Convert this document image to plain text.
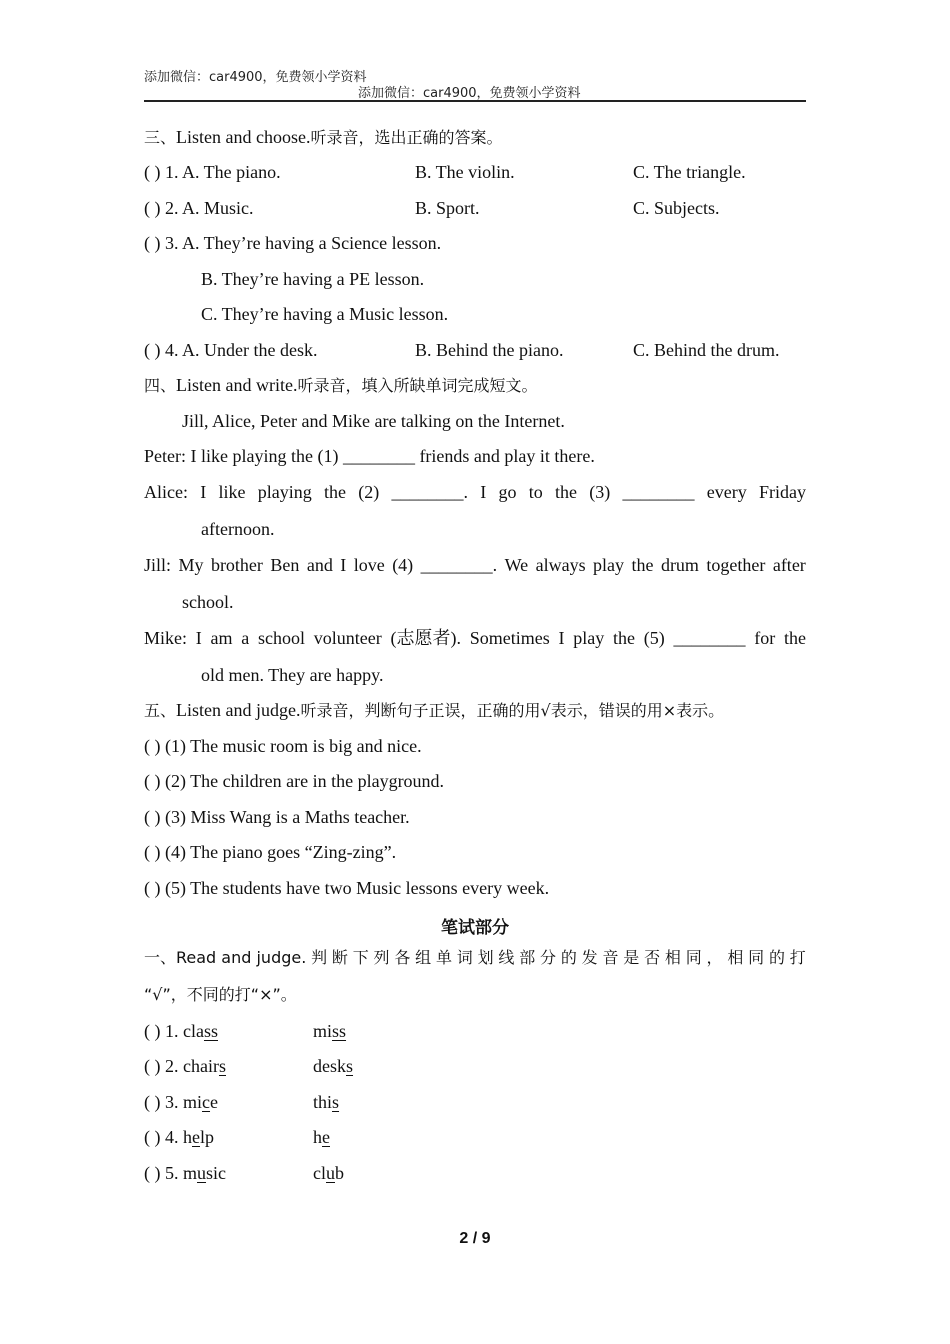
添加微信：car4900，免费领小学资料
添加微信：car4900，免费领小学资料
三、Listen and choose.听录音，选出正确的答案。
( ) 1. A. The piano.	B. The violin.	C. The triangle.
( ) 2. A. Music.	B. Sport.	C. Subjects.
( ) 3. A. They’re having a Science lesson.
B. They’re having a PE lesson.
C. They’re having a Music lesson.
( ) 4. A. Under the desk.	B. Behind the piano.	C. Behind the drum.
四、Listen and write.听录音，填入所缺单词完成短文。
Jill, Alice, Peter and Mike are talking on the Internet.
Peter: I like playing the (1) ________ friends and play it there.
Alice: I like playing the (2) ________. I go to the (3) ________ every Friday
afternoon.
Jill: My brother Ben and I love (4) ________. We always play the drum together after
school.
Mike: I am a school volunteer (志愿者). Sometimes I play the (5) ________ for the
old men. They are happy.
五、Listen and judge.听录音，判断句子正误，正确的用√表示，错误的用×表示。
( ) (1) The music room is big and nice.
( ) (2) The children are in the playground.
( ) (3) Miss Wang is a Maths teacher.
( ) (4) The piano goes “Zing-zing”.
( ) (5) The students have two Music lessons every week.
笔试部分
一、Read and judge. 判 断 下 列 各 组 单 词 划 线 部 分 的 发 音 是 否 相 同 ， 相 同 的 打
“√”，不同的打“×”。
( ) 1. class	miss
( ) 2. chairs	desks
( ) 3. mice	this
( ) 4. help	he
( ) 5. music	club
2 / 9
